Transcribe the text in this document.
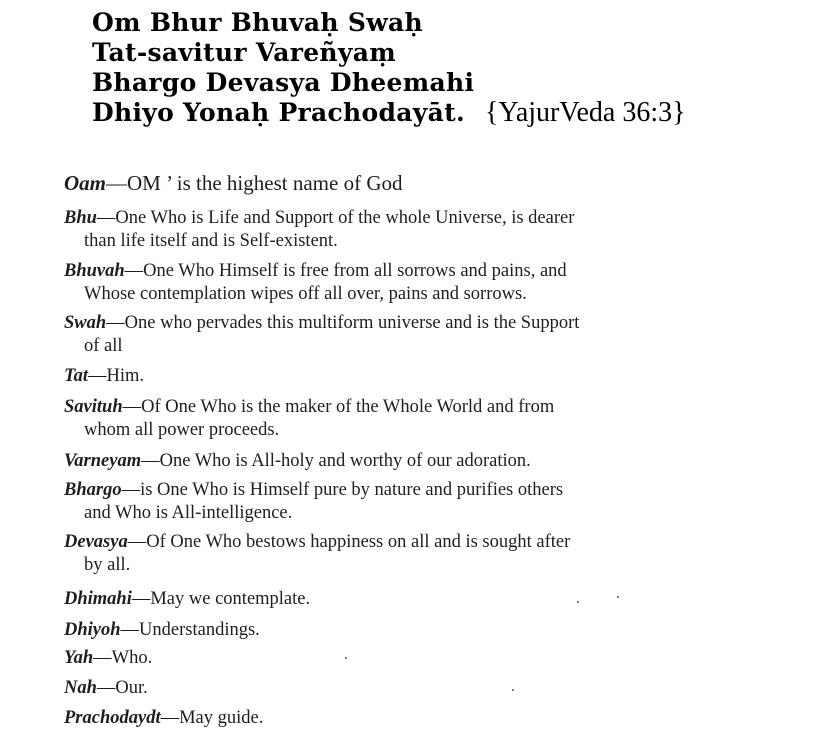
Om Bhur Bhuvaḥ Swaḥ
Tat-savitur Vareñyaṃ
Bhargo Devasya Dheemahi
Dhiyo Yonaḥ Prachodayāt. {YajurVeda 36:3}
Oam—OM ’ is the highest name of God
Bhu—One Who is Life and Support of the whole Universe, is dearer
than life itself and is Self-existent.
Bhuvah—One Who Himself is free from all sorrows and pains, and
Whose contemplation wipes off all over, pains and sorrows.
Swah—One who pervades this multiform universe and is the Support
of all
Tat—Him.
Savituh—Of One Who is the maker of the Whole World and from
whom all power proceeds.
Varneyam—One Who is All-holy and worthy of our adoration.
Bhargo—is One Who is Himself pure by nature and purifies others
and Who is All-intelligence.
Devasya—Of One Who bestows happiness on all and is sought after
by all.
Dhimahi—May we contemplate.
Dhiyoh—Understandings.
Yah—Who.
Nah—Our.
Prachodaydt—May guide.
